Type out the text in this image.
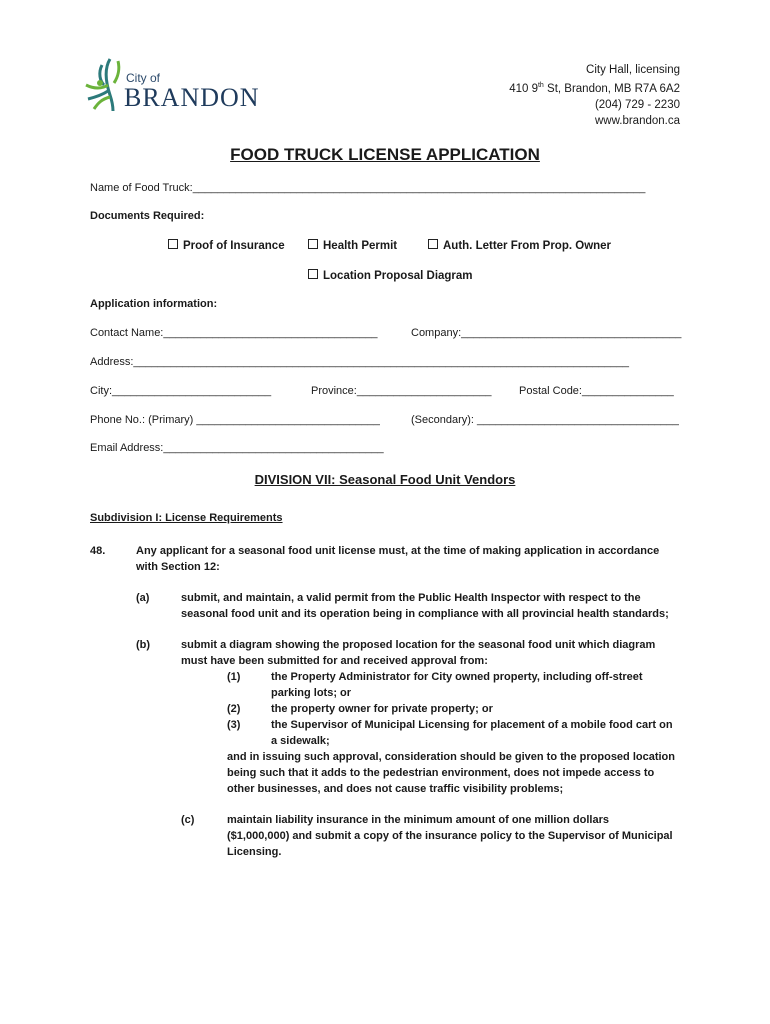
City of
BRANDON
City Hall, licensing
410 9th St, Brandon, MB R7A 6A2
(204) 729 - 2230
www.brandon.ca
FOOD TRUCK LICENSE APPLICATION
Name of Food Truck:__________________________________________________________________________
Documents Required:
Proof of Insurance	Health Permit	Auth. Letter From Prop. Owner
Location Proposal Diagram
Application information:
Contact Name:___________________________________	Company:____________________________________
Address:_________________________________________________________________________________
City:__________________________	Province:______________________	Postal Code:_______________
Phone No.: (Primary) ______________________________	(Secondary): _________________________________
Email Address:____________________________________
DIVISION VII: Seasonal Food Unit Vendors
Subdivision I: License Requirements
48.	Any applicant for a seasonal food unit license must, at the time of making application in accordance
with Section 12:
(a)	submit, and maintain, a valid permit from the Public Health Inspector with respect to the
seasonal food unit and its operation being in compliance with all provincial health standards;
(b)	submit a diagram showing the proposed location for the seasonal food unit which diagram
must have been submitted for and received approval from:
(1)	the Property Administrator for City owned property, including off-street
parking lots; or
(2)	the property owner for private property; or
(3)	the Supervisor of Municipal Licensing for placement of a mobile food cart on
a sidewalk;
and in issuing such approval, consideration should be given to the proposed location
being such that it adds to the pedestrian environment, does not impede access to
other businesses, and does not cause traffic visibility problems;
(c)	maintain liability insurance in the minimum amount of one million dollars
($1,000,000) and submit a copy of the insurance policy to the Supervisor of Municipal
Licensing.
